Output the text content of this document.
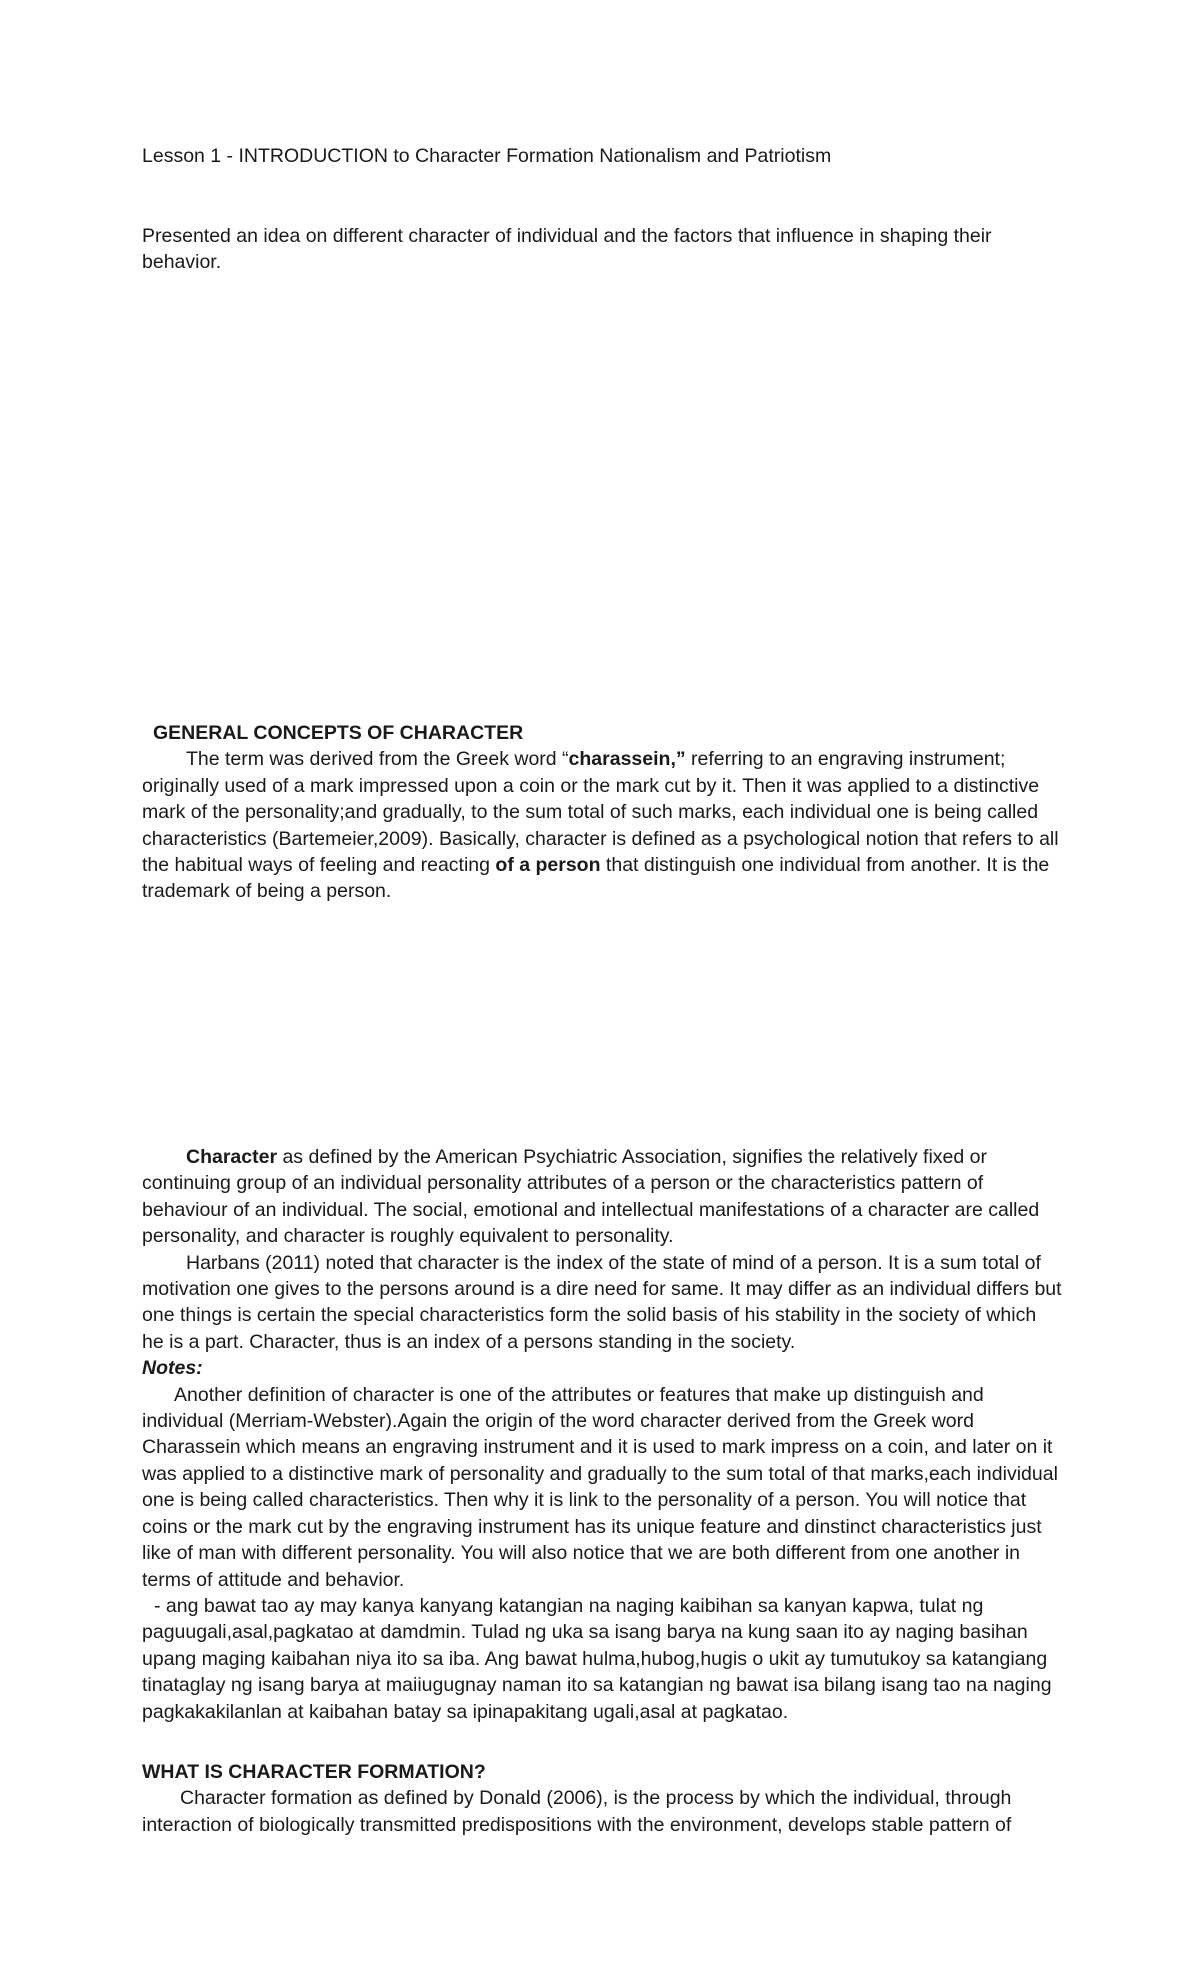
Lesson 1 - INTRODUCTION to Character Formation Nationalism and Patriotism

Presented an idea on different character of individual and the factors that influence in shaping their behavior.

GENERAL CONCEPTS OF CHARACTER

The term was derived from the Greek word “charassein,” referring to an engraving instrument; originally used of a mark impressed upon a coin or the mark cut by it. Then it was applied to a distinctive mark of the personality;and gradually, to the sum total of such marks, each individual one is being called characteristics (Bartemeier,2009). Basically, character is defined as a psychological notion that refers to all the habitual ways of feeling and reacting of a person that distinguish one individual from another. It is the trademark of being a person.

Character as defined by the American Psychiatric Association, signifies the relatively fixed or continuing group of an individual personality attributes of a person or the characteristics pattern of behaviour of an individual. The social, emotional and intellectual manifestations of a character are called personality, and character is roughly equivalent to personality.

Harbans (2011) noted that character is the index of the state of mind of a person. It is a sum total of motivation one gives to the persons around is a dire need for same. It may differ as an individual differs but one things is certain the special characteristics form the solid basis of his stability in the society of which he is a part. Character, thus is an index of a persons standing in the society.

Notes:

Another definition of character is one of the attributes or features that make up distinguish and individual (Merriam-Webster).Again the origin of the word character derived from the Greek word Charassein which means an engraving instrument and it is used to mark impress on a coin, and later on it was applied to a distinctive mark of personality and gradually to the sum total of that marks,each individual one is being called characteristics. Then why it is link to the personality of a person. You will notice that coins or the mark cut by the engraving instrument has its unique feature and dinstinct characteristics just like of man with different personality. You will also notice that we are both different from one another in terms of attitude and behavior.

- ang bawat tao ay may kanya kanyang katangian na naging kaibihan sa kanyan kapwa, tulat ng paguugali,asal,pagkatao at damdmin. Tulad ng uka sa isang barya na kung saan ito ay naging basihan upang maging kaibahan niya ito sa iba. Ang bawat hulma,hubog,hugis o ukit ay tumutukoy sa katangiang tinataglay ng isang barya at maiiugugnay naman ito sa katangian ng bawat isa bilang isang tao na naging pagkakakilanlan at kaibahan batay sa ipinapakitang ugali,asal at pagkatao.

WHAT IS CHARACTER FORMATION?

Character formation as defined by Donald (2006), is the process by which the individual, through interaction of biologically transmitted predispositions with the environment, develops stable pattern of
